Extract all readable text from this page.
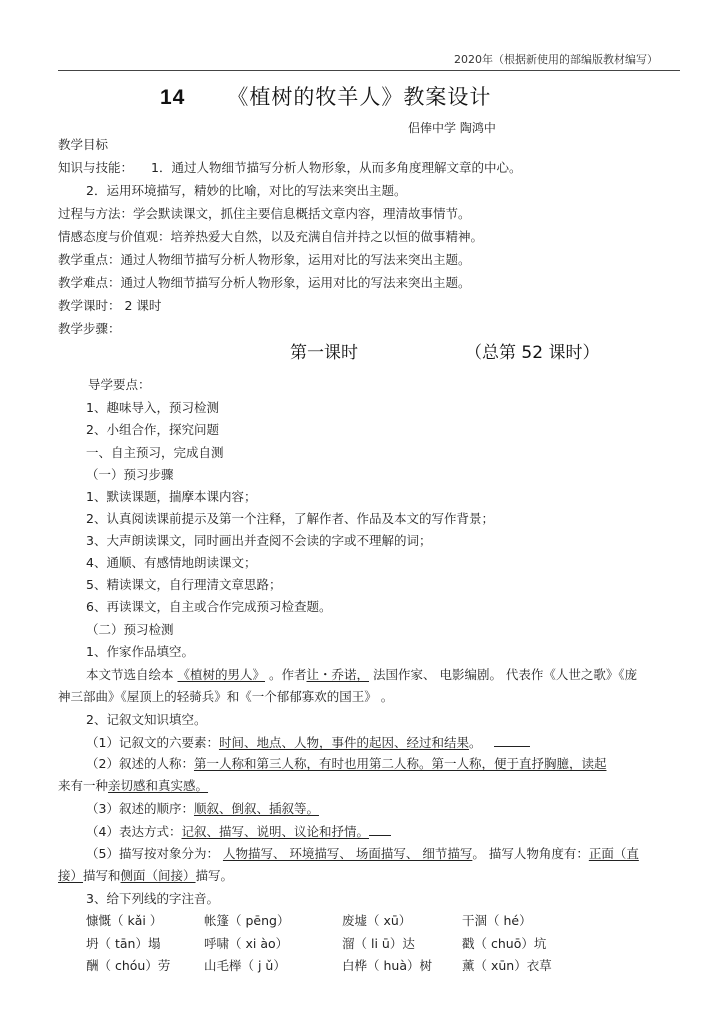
2020年（根据新使用的部编版教材编写）
14 《植树的牧羊人》教案设计
侣俸中学 陶鸿中
教学目标
知识与技能： 1．通过人物细节描写分析人物形象，从而多角度理解文章的中心。
2．运用环境描写，精妙的比喻，对比的写法来突出主题。
过程与方法：学会默读课文，抓住主要信息概括文章内容，理清故事情节。
情感态度与价值观：培养热爱大自然，以及充满自信并持之以恒的做事精神。
教学重点：通过人物细节描写分析人物形象，运用对比的写法来突出主题。
教学难点：通过人物细节描写分析人物形象，运用对比的写法来突出主题。
教学课时： 2 课时
教学步骤：
第一课时	（总第 52 课时）
导学要点：
1、趣味导入，预习检测
2、小组合作，探究问题
一、自主预习，完成自测
（一）预习步骤
1、默读课题，揣摩本课内容；
2、认真阅读课前提示及第一个注释，了解作者、作品及本文的写作背景；
3、大声朗读课文，同时画出并查阅不会读的字或不理解的词；
4、通顺、有感情地朗读课文；
5、精读课文，自行理清文章思路；
6、再读课文，自主或合作完成预习检查题。
（二）预习检测
1、作家作品填空。
本文节选自绘本 《植树的男人》 。作者让・乔诺， 法国作家、 电影编剧。 代表作《人世之歌》《庞
神三部曲》《屋顶上的轻骑兵》和《一个郁郁寡欢的国王》 。
2、记叙文知识填空。
（1）记叙文的六要素：时间、地点、人物，事件的起因、经过和结果。
（2）叙述的人称：第一人称和第三人称，有时也用第二人称。第一人称，便于直抒胸臆，读起
来有一种亲切感和真实感。
（3）叙述的顺序：顺叙、倒叙、插叙等。
（4）表达方式：记叙、描写、说明、议论和抒情。
（5）描写按对象分为： 人物描写、 环境描写、 场面描写、 细节描写。 描写人物角度有：正面（直
接）描写和侧面（间接）描写。
3、给下列线的字注音。
慷慨（ kǎi ）	帐篷（ pēng）	废墟（ xū）	干涸（ hé）
坍（ tān）塌	呼啸（ xi ào）	溜（ li ū）达	戳（ chuō）坑
酬（ chóu）劳	山毛榉（ j ǔ）	白桦（ huà）树 薰（ xūn）衣草
